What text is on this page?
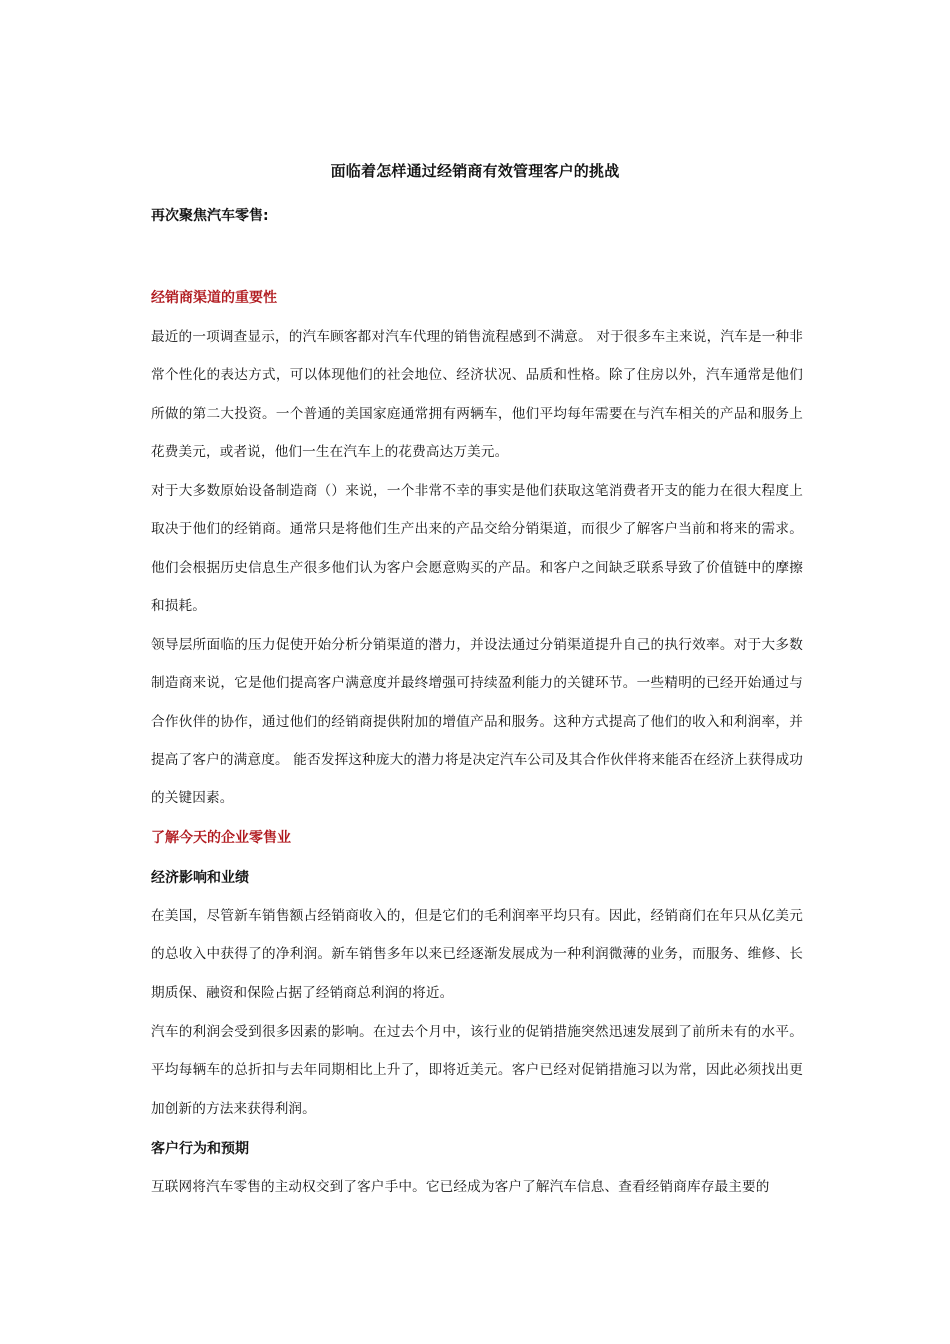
面临着怎样通过经销商有效管理客户的挑战
再次聚焦汽车零售:
经销商渠道的重要性

最近的一项调查显示，的汽车顾客都对汽车代理的销售流程感到不满意。 对于很多车主来说，汽车是一种非常个性化的表达方式，可以体现他们的社会地位、经济状况、品质和性格。除了住房以外，汽车通常是他们所做的第二大投资。一个普通的美国家庭通常拥有两辆车，他们平均每年需要在与汽车相关的产品和服务上花费美元，或者说，他们一生在汽车上的花费高达万美元。

对于大多数原始设备制造商（）来说，一个非常不幸的事实是他们获取这笔消费者开支的能力在很大程度上取决于他们的经销商。通常只是将他们生产出来的产品交给分销渠道，而很少了解客户当前和将来的需求。他们会根据历史信息生产很多他们认为客户会愿意购买的产品。和客户之间缺乏联系导致了价值链中的摩擦和损耗。

领导层所面临的压力促使开始分析分销渠道的潜力，并设法通过分销渠道提升自己的执行效率。对于大多数制造商来说，它是他们提高客户满意度并最终增强可持续盈利能力的关键环节。一些精明的已经开始通过与合作伙伴的协作，通过他们的经销商提供附加的增值产品和服务。这种方式提高了他们的收入和利润率，并提高了客户的满意度。 能否发挥这种庞大的潜力将是决定汽车公司及其合作伙伴将来能否在经济上获得成功的关键因素。

了解今天的企业零售业
经济影响和业绩

在美国，尽管新车销售额占经销商收入的，但是它们的毛利润率平均只有。因此，经销商们在年只从亿美元的总收入中获得了的净利润。新车销售多年以来已经逐渐发展成为一种利润微薄的业务，而服务、维修、长期质保、融资和保险占据了经销商总利润的将近。

汽车的利润会受到很多因素的影响。在过去个月中，该行业的促销措施突然迅速发展到了前所未有的水平。平均每辆车的总折扣与去年同期相比上升了，即将近美元。客户已经对促销措施习以为常，因此必须找出更加创新的方法来获得利润。

客户行为和预期

互联网将汽车零售的主动权交到了客户手中。它已经成为客户了解汽车信息、查看经销商库存最主要的
